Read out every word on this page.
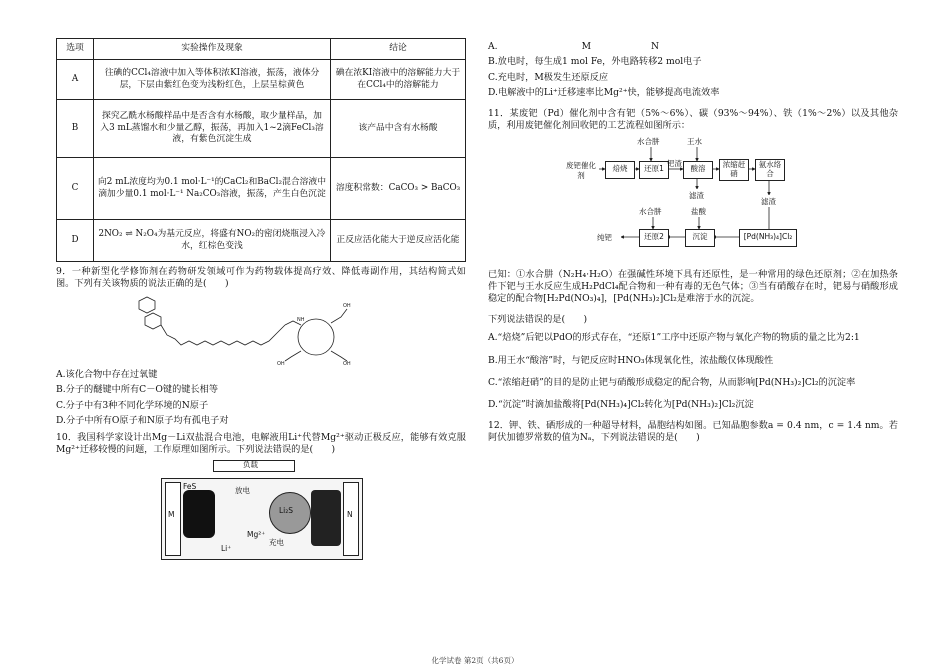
选项	实验操作及现象	结论
A	往碘的CCl₄溶液中加入等体积浓KI溶液，振荡，液体分层，下层由紫红色变为浅粉红色，上层呈棕黄色	碘在浓KI溶液中的溶解能力大于在CCl₄中的溶解能力
B	探究乙酰水杨酸样品中是否含有水杨酸，取少量样品，加入3 mL蒸馏水和少量乙醇，振荡，再加入1~2滴FeCl₃溶液，有紫色沉淀生成	该产品中含有水杨酸
C	向2 mL浓度均为0.1 mol·L⁻¹的CaCl₂和BaCl₂混合溶液中滴加少量0.1 mol·L⁻¹ Na₂CO₃溶液，振荡，产生白色沉淀	溶度积常数：CaCO₃ > BaCO₃
D	2NO₂ ⇌ N₂O₄为基元反应，将盛有NO₂的密闭烧瓶浸入冷水，红棕色变浅	正反应活化能大于逆反应活化能
9．一种新型化学修饰剂在药物研发领域可作为药物载体提高疗效、降低毒副作用，其结构简式如图。下列有关该物质的说法正确的是(　　)
OH
OH
OH
NH
A.该化合物中存在过氧键
B.分子的醚键中所有C－O键的键长相等
C.分子中有3种不同化学环境的N原子
D.分子中所有O原子和N原子均有孤电子对
10．我国科学家设计出Mg－Li双盐混合电池，电解液用Li⁺代替Mg²⁺驱动正极反应，能够有效克服Mg²⁺迁移较慢的问题，工作原理如图所示。下列说法错误的是(　　)
负载
M	N
FeS
Li₂S
放电
充电
Li⁺
Mg²⁺
A.	M	N
B.放电时，每生成1 mol Fe，外电路转移2 mol电子
C.充电时，M极发生还原反应
D.电解液中的Li⁺迁移速率比Mg²⁺快，能够提高电流效率
11．某废钯（Pd）催化剂中含有钯（5%～6%）、碳（93%～94%）、铁（1%～2%）以及其他杂质，利用废钯催化剂回收钯的工艺流程如图所示：
废钯催化剂
焙烧	还原1	酸溶	浓缩赶硝
氨水络合
水合肼	王水
钯渣
滤渣
滤渣
水合肼	盐酸
纯钯	还原2	沉淀	[Pd(NH₃)₄]Cl₂
已知：①水合肼（N₂H₄·H₂O）在强碱性环境下具有还原性，是一种常用的绿色还原剂；②在加热条件下钯与王水反应生成H₂PdCl₄配合物和一种有毒的无色气体；③当有硝酸存在时，钯易与硝酸形成稳定的配合物[H₂Pd(NO₃)₄]，[Pd(NH₃)₂]Cl₂是难溶于水的沉淀。
下列说法错误的是(　　)
A.“焙烧”后钯以PdO的形式存在，“还原1”工序中还原产物与氧化产物的物质的量之比为2:1
B.用王水“酸溶”时，与钯反应时HNO₃体现氧化性，浓盐酸仅体现酸性
C.“浓缩赶硝”的目的是防止钯与硝酸形成稳定的配合物，从而影响[Pd(NH₃)₂]Cl₂的沉淀率
D.“沉淀”时滴加盐酸将[Pd(NH₃)₄]Cl₂转化为[Pd(NH₃)₂]Cl₂沉淀
12．钾、铁、硒形成的一种超导材料，晶胞结构如图。已知晶胞参数a = 0.4 nm，c = 1.4 nm。若阿伏加德罗常数的值为Nₐ，下列说法错误的是(　　)
化学试卷 第2页（共6页）
